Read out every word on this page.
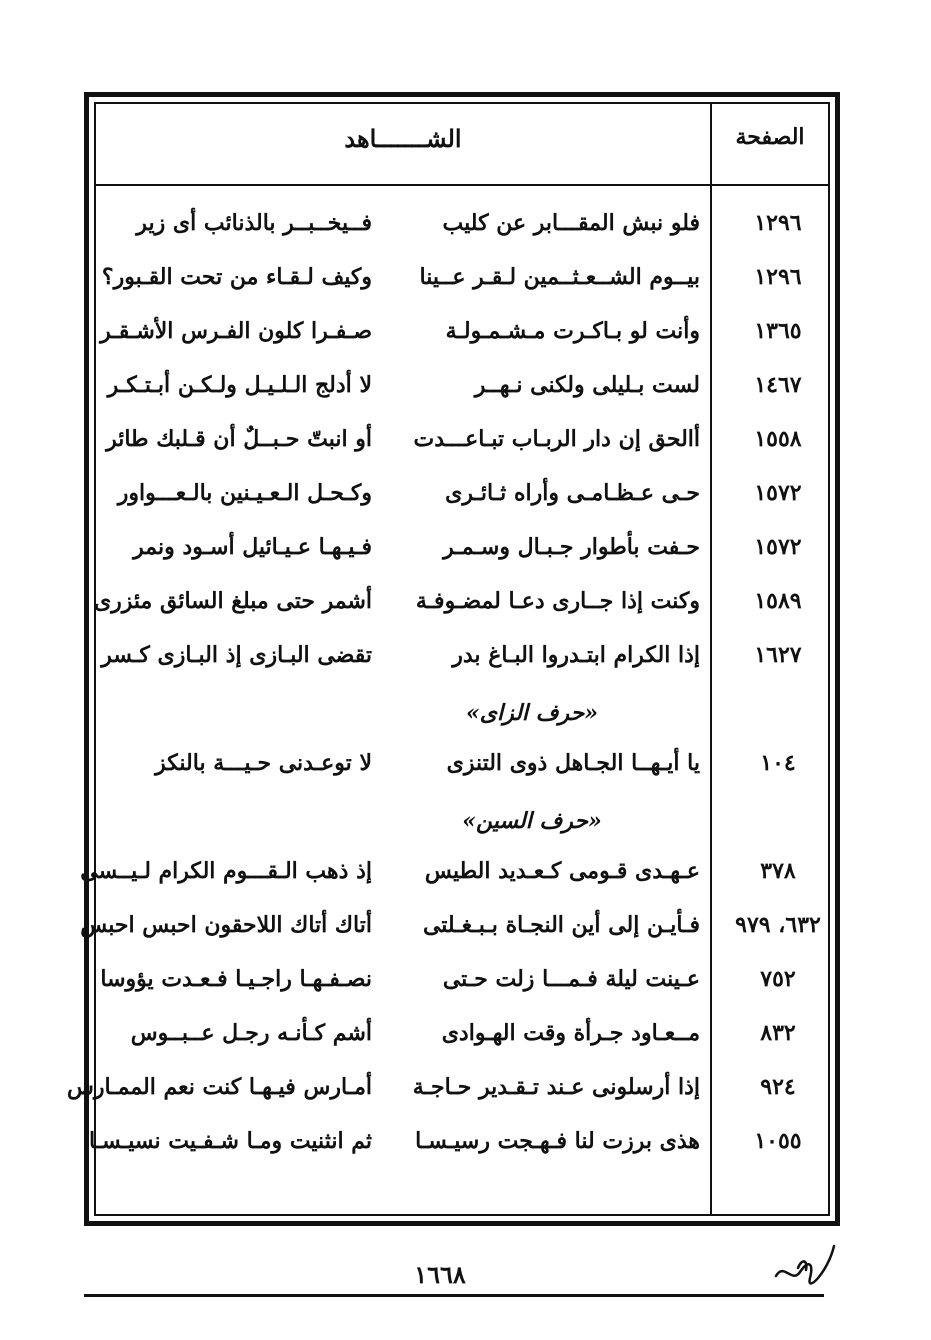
الشـــــــاهد	الصفحة
١٢٩٦
فلو نبش المقـــابر عن كليب
فــيخــبــر بالذنائب أى زير
١٢٩٦
بيــوم الشــعـثــمين لـقـر عــينا
وكيف لـقـاء من تحت القـبور؟
١٣٦٥
وأنت لو بـاكـرت مـشـمـولـة
صـفـرا كلون الفـرس الأشـقـر
١٤٦٧
لست بـليلى ولكنى نـهــر
لا أدلج الـلـيـل ولـكـن أبـتـكـر
١٥٥٨
أالحق إن دار الربـاب تبـاعـــدت
أو انبتّ حـبــلٌ أن قـلبك طائر
١٥٧٢
حـى عـظـامـى وأراه ثـائـرى
وكـحـل الـعـيـنين بالـعـــواور
١٥٧٢
حـفت بأطوار جـبـال وسـمـر
فـيـهـا عـيـائيل أسـود ونمر
١٥٨٩
وكنت إذا جــارى دعـا لمضـوفـة
أشمر حتى مبلغ السائق مئزرى
١٦٢٧
إذا الكرام ابتـدروا البـاغ بدر
تقضى البـازى إذ البـازى كـسر
«حرف الزاى»
١٠٤
يا أيـهــا الجـاهل ذوى التنزى
لا توعـدنى حـيـــة بالنكز
«حرف السين»
٣٧٨
عـهـدى قـومى كـعـديد الطيس
إذ ذهب الـقـــوم الكرام لـيــسى
٦٣٢، ٩٧٩
فـأيـن إلى أين النجـاة بـبـغـلتى
أتاك أتاك اللاحقون احبس احبس
٧٥٢
عـينت ليلة فـمـــا زلت حـتى
نصـفـهـا راجـيـا فـعـدت يؤوسا
٨٣٢
مــعـاود جـرأة وقت الهـوادى
أشم كـأنـه رجـل عــبــوس
٩٢٤
إذا أرسلونى عـند تـقـدير حـاجـة
أمـارس فيـهـا كنت نعم الممـارس
١٠٥٥
هذى برزت لنا فـهـجت رسيـسـا
ثم انثنيت ومـا شـفـيت نسيـسـا
١٦٦٨
